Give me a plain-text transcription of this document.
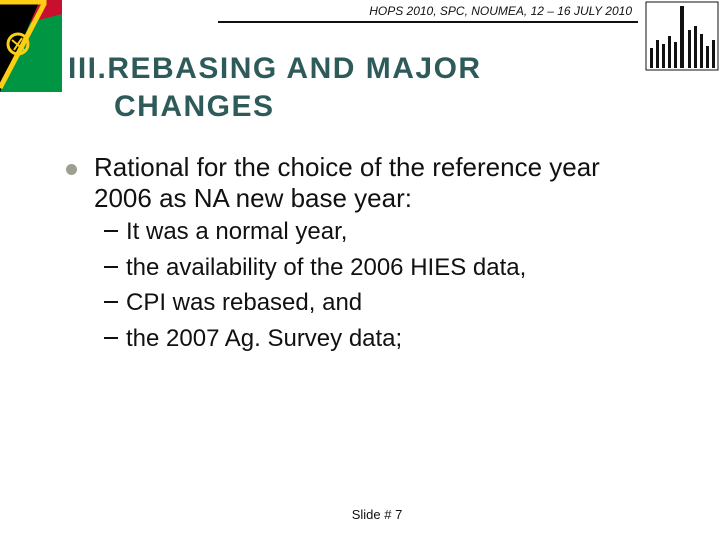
HOPS 2010, SPC, NOUMEA, 12 – 16 JULY 2010
III.REBASING AND MAJOR
CHANGES
Rational for the choice of the reference year 2006 as NA new base year:
It was a normal year,
the availability of the 2006 HIES data,
CPI was rebased, and
the 2007 Ag. Survey data;
Slide # 7
